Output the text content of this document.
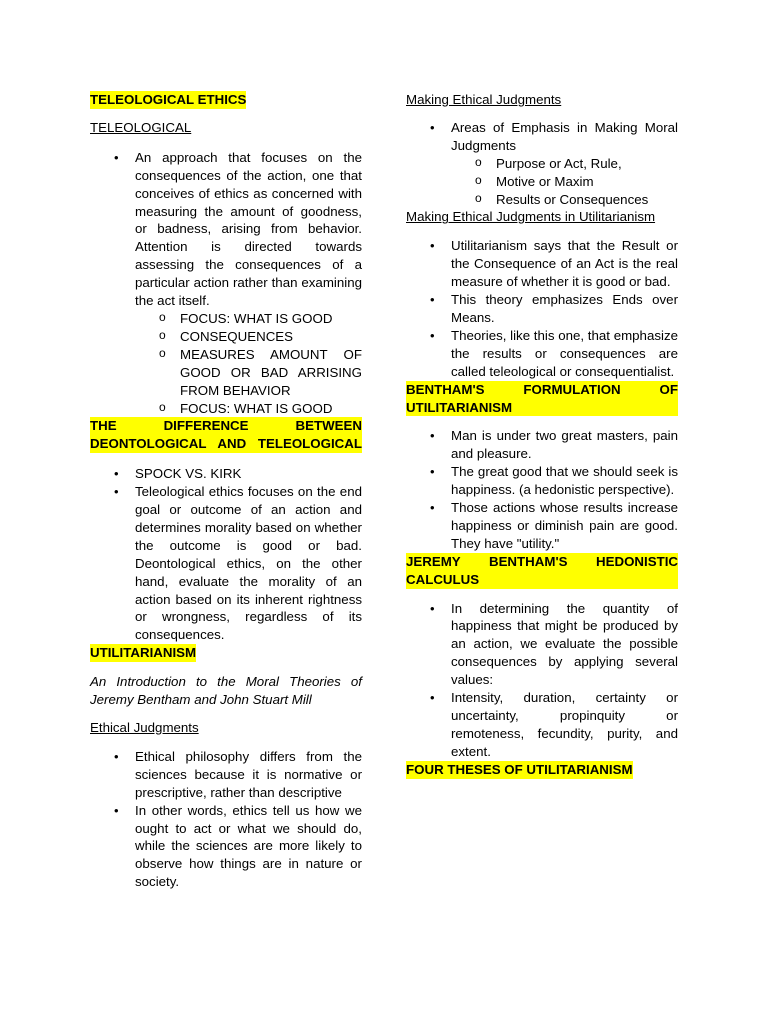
TELEOLOGICAL ETHICS

TELEOLOGICAL

• An approach that focuses on the consequences of the action, one that conceives of ethics as concerned with measuring the amount of goodness, or badness, arising from behavior. Attention is directed towards assessing the consequences of a particular action rather than examining the act itself.
o FOCUS: WHAT IS GOOD
o CONSEQUENCES
o MEASURES AMOUNT OF GOOD OR BAD ARRISING FROM BEHAVIOR
o FOCUS: WHAT IS GOOD

THE DIFFERENCE BETWEEN DEONTOLOGICAL AND TELEOLOGICAL

• SPOCK VS. KIRK
• Teleological ethics focuses on the end goal or outcome of an action and determines morality based on whether the outcome is good or bad. Deontological ethics, on the other hand, evaluate the morality of an action based on its inherent rightness or wrongness, regardless of its consequences.

UTILITARIANISM

An Introduction to the Moral Theories of Jeremy Bentham and John Stuart Mill

Ethical Judgments

• Ethical philosophy differs from the sciences because it is normative or prescriptive, rather than descriptive
• In other words, ethics tell us how we ought to act or what we should do, while the sciences are more likely to observe how things are in nature or society.

Making Ethical Judgments

• Areas of Emphasis in Making Moral Judgments
o Purpose or Act, Rule,
o Motive or Maxim
o Results or Consequences

Making Ethical Judgments in Utilitarianism

• Utilitarianism says that the Result or the Consequence of an Act is the real measure of whether it is good or bad.
• This theory emphasizes Ends over Means.
• Theories, like this one, that emphasize the results or consequences are called teleological or consequentialist.

BENTHAM'S FORMULATION OF UTILITARIANISM

• Man is under two great masters, pain and pleasure.
• The great good that we should seek is happiness. (a hedonistic perspective).
• Those actions whose results increase happiness or diminish pain are good. They have "utility."

JEREMY BENTHAM'S HEDONISTIC CALCULUS

• In determining the quantity of happiness that might be produced by an action, we evaluate the possible consequences by applying several values:
• Intensity, duration, certainty or uncertainty, propinquity or remoteness, fecundity, purity, and extent.

FOUR THESES OF UTILITARIANISM
